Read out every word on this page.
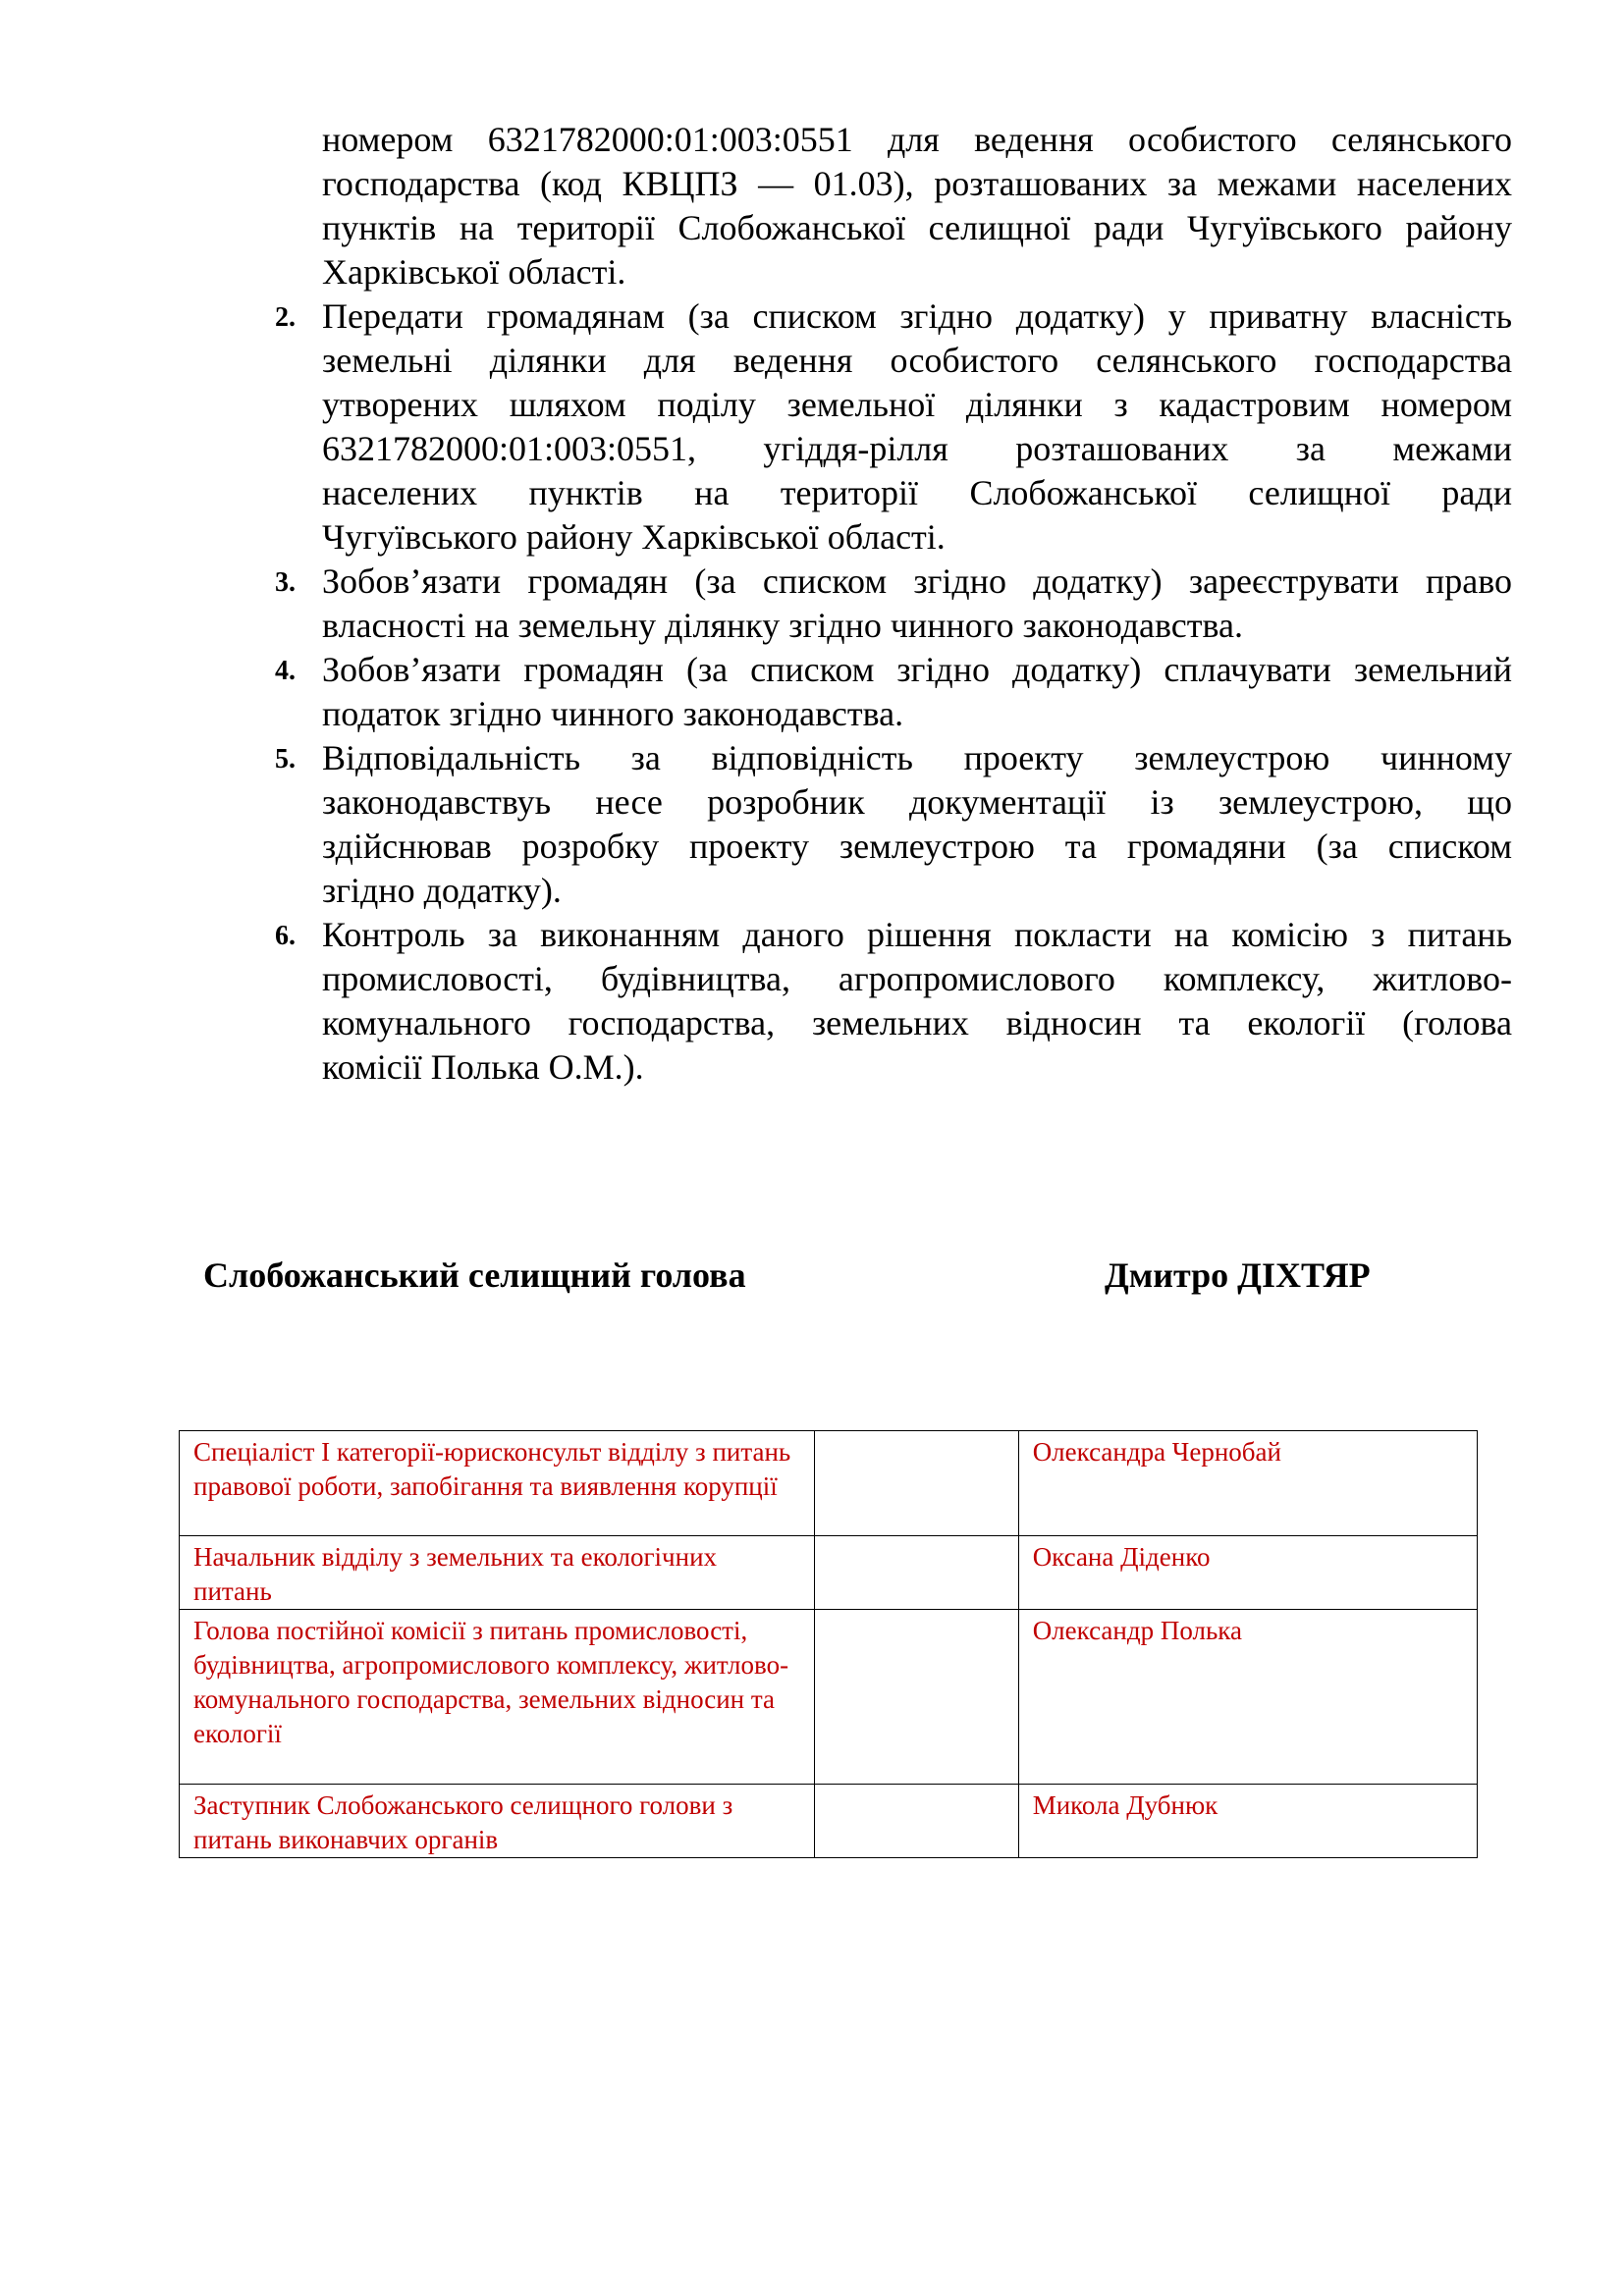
номером 6321782000:01:003:0551 для ведення особистого селянського
господарства (код КВЦПЗ — 01.03), розташованих за межами населених
пунктів на території Слобожанської селищної ради Чугуївського району
Харківської області.
2. Передати громадянам (за списком згідно додатку) у приватну власність
земельні ділянки для ведення особистого селянського господарства
утворених шляхом поділу земельної ділянки з кадастровим номером
6321782000:01:003:0551, угіддя-рілля розташованих за межами
населених пунктів на території Слобожанської селищної ради
Чугуївського району Харківської області.
3. Зобов’язати громадян (за списком згідно додатку) зареєструвати право
власності на земельну ділянку згідно чинного законодавства.
4. Зобов’язати громадян (за списком згідно додатку) сплачувати земельний
податок згідно чинного законодавства.
5. Відповідальність за відповідність проекту землеустрою чинному
законодавствуь несе розробник документації із землеустрою, що
здійснював розробку проекту землеустрою та громадяни (за списком
згідно додатку).
6. Контроль за виконанням даного рішення покласти на комісію з питань
промисловості, будівництва, агропромислового комплексу, житлово-
комунального господарства, земельних відносин та екології (голова
комісії Полька О.М.).
Слобожанський селищний голова	Дмитро ДІХТЯР
Спеціаліст І категорії-юрисконсульт відділу з питань правової роботи, запобігання та виявлення корупції		Олександра Чернобай
Начальник відділу з земельних та екологічних питань		Оксана Діденко
Голова постійної комісії з питань промисловості, будівництва, агропромислового комплексу, житлово-комунального господарства, земельних відносин та екології		Олександр Полька
Заступник Слобожанського селищного голови з питань виконавчих органів		Микола Дубнюк
